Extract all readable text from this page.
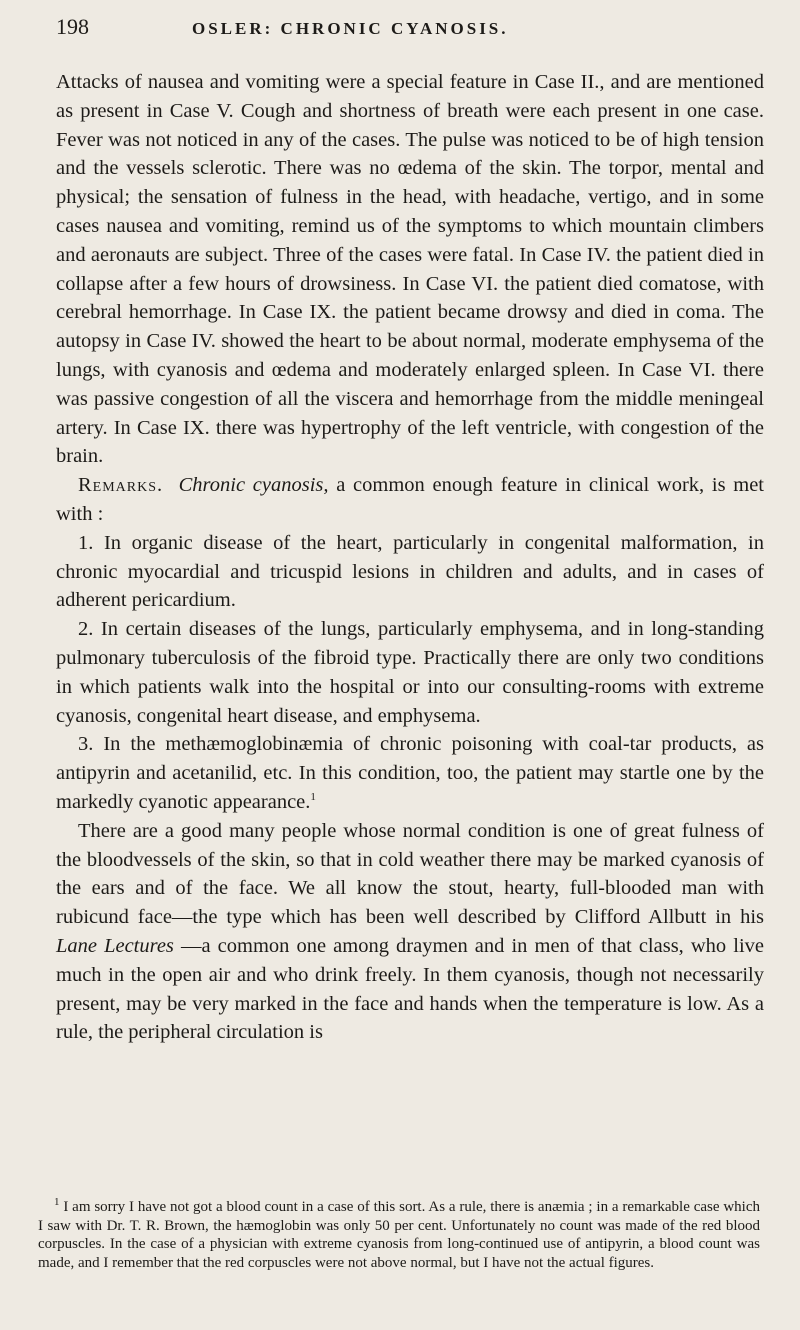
198	OSLER: CHRONIC CYANOSIS.

Attacks of nausea and vomiting were a special feature in Case II., and are mentioned as present in Case V. Cough and shortness of breath were each present in one case. Fever was not noticed in any of the cases. The pulse was noticed to be of high tension and the vessels sclerotic. There was no œdema of the skin. The torpor, mental and physical; the sensation of fulness in the head, with headache, vertigo, and in some cases nausea and vomiting, remind us of the symptoms to which mountain climbers and aeronauts are subject. Three of the cases were fatal. In Case IV. the patient died in collapse after a few hours of drowsiness. In Case VI. the patient died comatose, with cerebral hemorrhage. In Case IX. the patient became drowsy and died in coma. The autopsy in Case IV. showed the heart to be about normal, moderate emphysema of the lungs, with cyanosis and œdema and moderately enlarged spleen. In Case VI. there was passive congestion of all the viscera and hemorrhage from the middle meningeal artery. In Case IX. there was hypertrophy of the left ventricle, with congestion of the brain.

Remarks. Chronic cyanosis, a common enough feature in clinical work, is met with :

1. In organic disease of the heart, particularly in congenital malformation, in chronic myocardial and tricuspid lesions in children and adults, and in cases of adherent pericardium.

2. In certain diseases of the lungs, particularly emphysema, and in long-standing pulmonary tuberculosis of the fibroid type. Practically there are only two conditions in which patients walk into the hospital or into our consulting-rooms with extreme cyanosis, congenital heart disease, and emphysema.

3. In the methæmoglobinæmia of chronic poisoning with coal-tar products, as antipyrin and acetanilid, etc. In this condition, too, the patient may startle one by the markedly cyanotic appearance.$^1$

There are a good many people whose normal condition is one of great fulness of the bloodvessels of the skin, so that in cold weather there may be marked cyanosis of the ears and of the face. We all know the stout, hearty, full-blooded man with rubicund face—the type which has been well described by Clifford Allbutt in his Lane Lectures —a common one among draymen and in men of that class, who live much in the open air and who drink freely. In them cyanosis, though not necessarily present, may be very marked in the face and hands when the temperature is low. As a rule, the peripheral circulation is

$^1$ I am sorry I have not got a blood count in a case of this sort. As a rule, there is anæmia ; in a remarkable case which I saw with Dr. T. R. Brown, the hæmoglobin was only 50 per cent. Unfortunately no count was made of the red blood corpuscles. In the case of a physician with extreme cyanosis from long-continued use of antipyrin, a blood count was made, and I remember that the red corpuscles were not above normal, but I have not the actual figures.
